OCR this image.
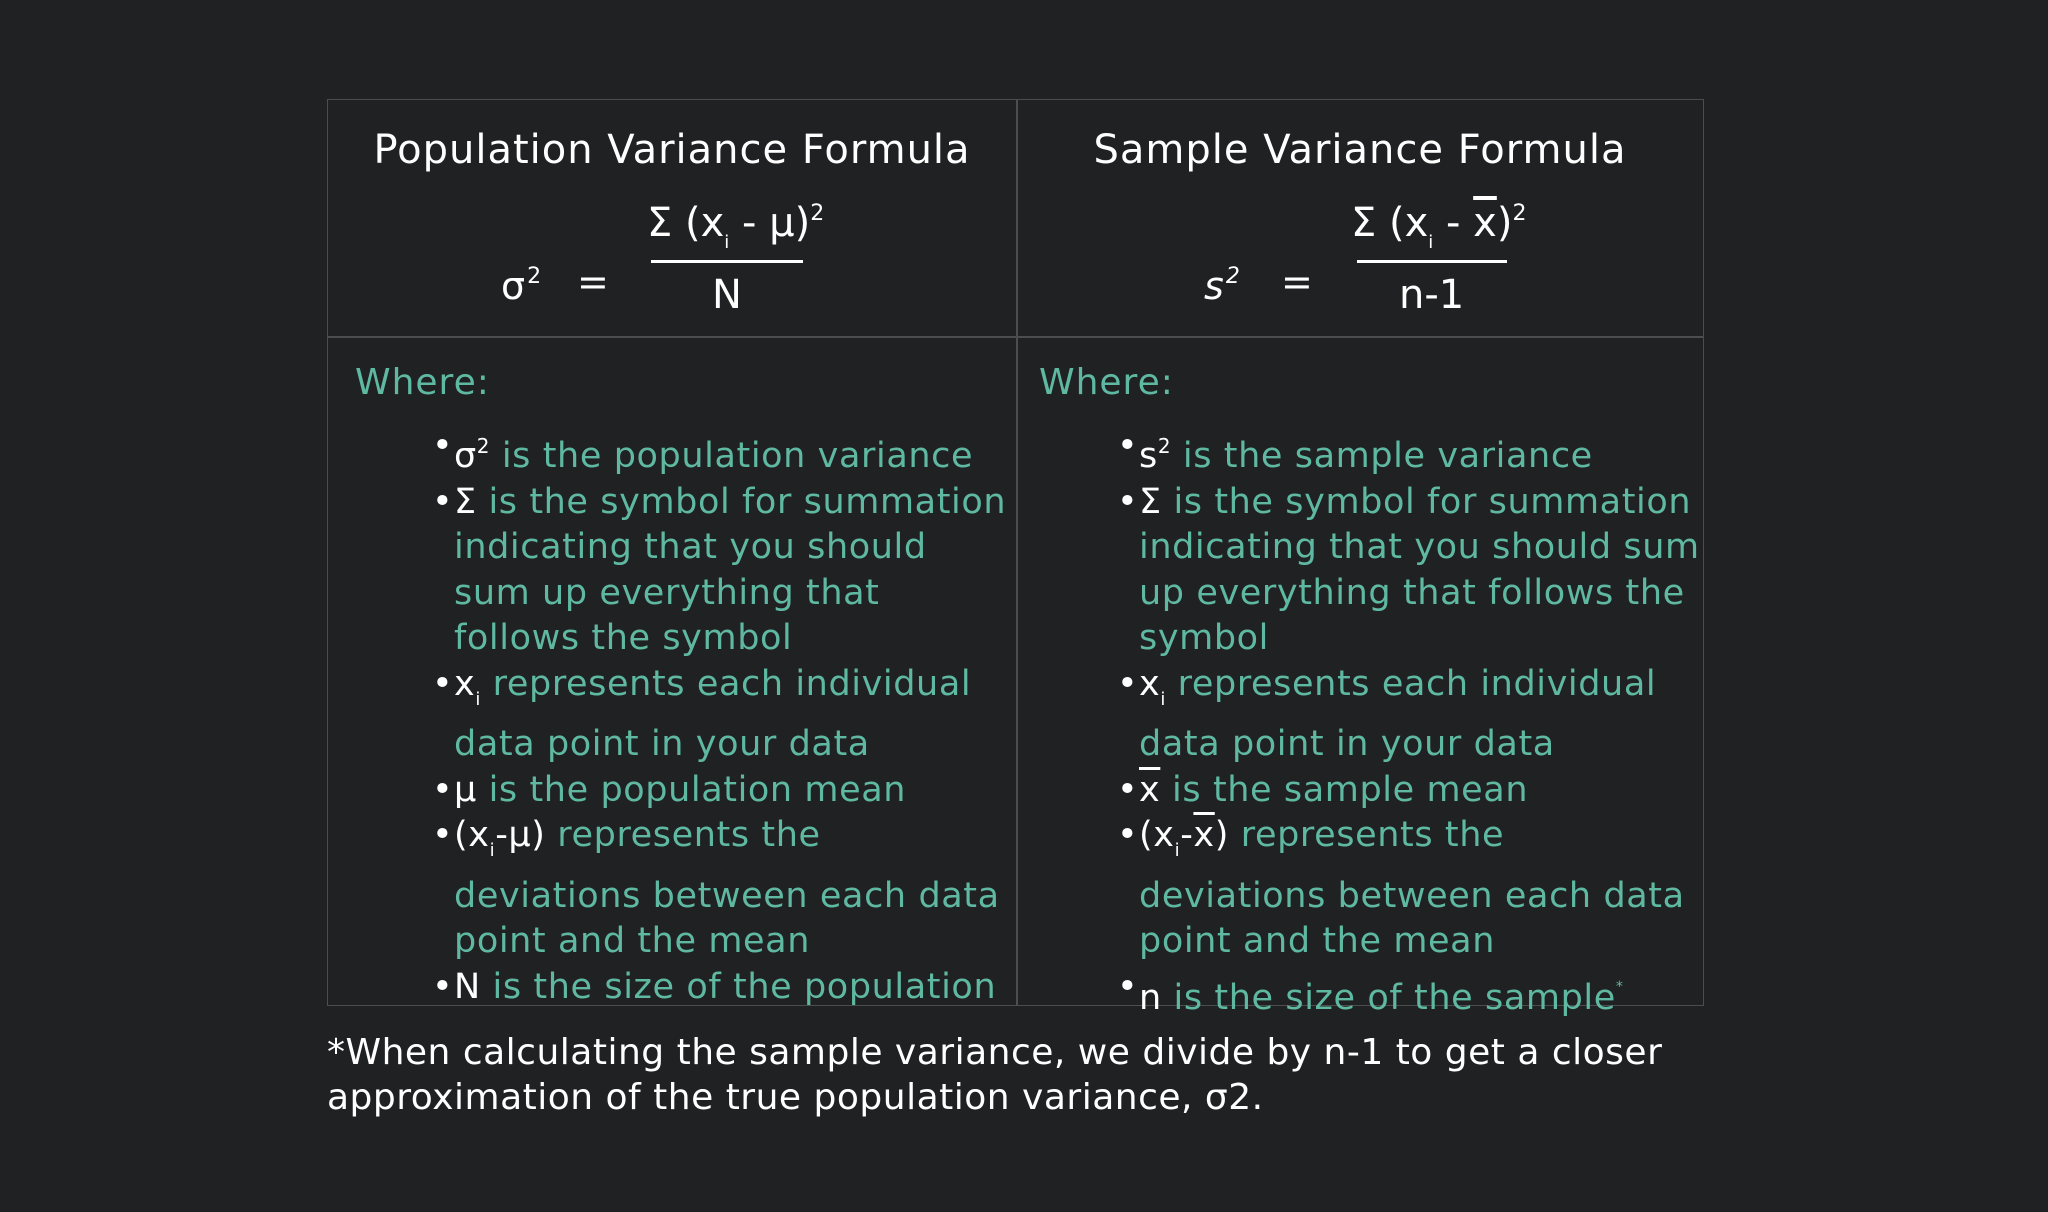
Population Variance Formula
$\sigma^2$ =
Σ $(x_i - \mu)^2$
N
Sample Variance Formula
$s^2$ =
Σ $(x_i - \overline{x})^2$
n-1
Where:
• $\sigma^2$ is the population variance
• Σ is the symbol for summation indicating that you should sum up everything that follows the symbol
• $x_i$ represents each individual data point in your data
• μ is the population mean
• $(x_i-\mu)$ represents the deviations between each data point and the mean
• N is the size of the population
Where:
• $s^2$ is the sample variance
• Σ is the symbol for summation indicating that you should sum up everything that follows the symbol
• $x_i$ represents each individual data point in your data
• $\overline{x}$ is the sample mean
• $(x_i-\overline{x})$ represents the deviations between each data point and the mean
• n is the size of the sample*
*When calculating the sample variance, we divide by n-1 to get a closer approximation of the true population variance, σ2.
